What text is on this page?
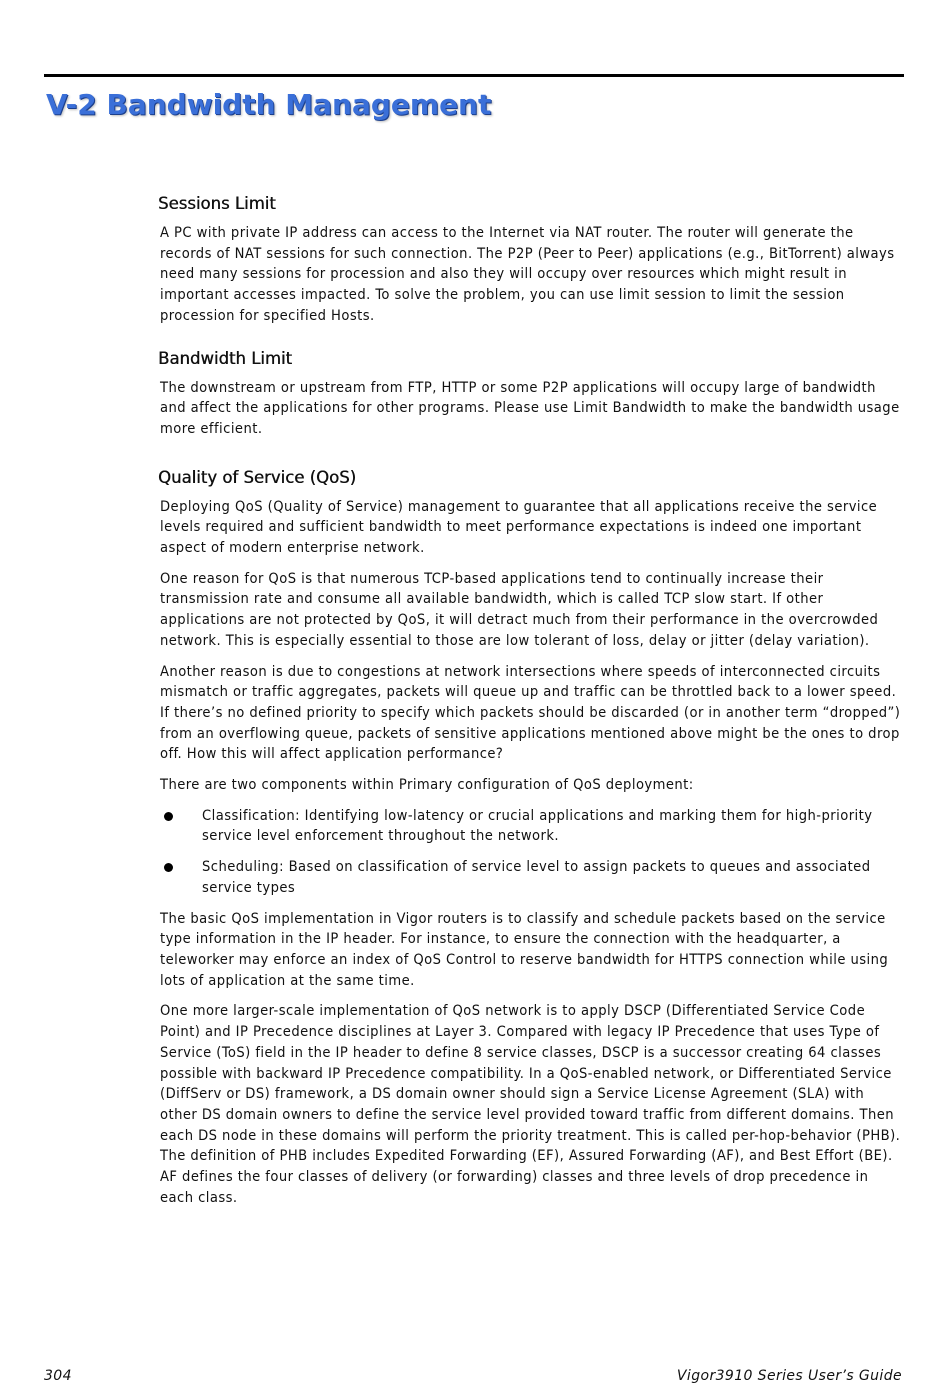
V-2 Bandwidth Management
Sessions Limit

A PC with private IP address can access to the Internet via NAT router. The router will generate the records of NAT sessions for such connection. The P2P (Peer to Peer) applications (e.g., BitTorrent) always need many sessions for procession and also they will occupy over resources which might result in important accesses impacted. To solve the problem, you can use limit session to limit the session procession for specified Hosts.

Bandwidth Limit

The downstream or upstream from FTP, HTTP or some P2P applications will occupy large of bandwidth and affect the applications for other programs. Please use Limit Bandwidth to make the bandwidth usage more efficient.

Quality of Service (QoS)

Deploying QoS (Quality of Service) management to guarantee that all applications receive the service levels required and sufficient bandwidth to meet performance expectations is indeed one important aspect of modern enterprise network.

One reason for QoS is that numerous TCP-based applications tend to continually increase their transmission rate and consume all available bandwidth, which is called TCP slow start. If other applications are not protected by QoS, it will detract much from their performance in the overcrowded network. This is especially essential to those are low tolerant of loss, delay or jitter (delay variation).

Another reason is due to congestions at network intersections where speeds of interconnected circuits mismatch or traffic aggregates, packets will queue up and traffic can be throttled back to a lower speed. If there’s no defined priority to specify which packets should be discarded (or in another term “dropped”) from an overflowing queue, packets of sensitive applications mentioned above might be the ones to drop off. How this will affect application performance?

There are two components within Primary configuration of QoS deployment:

Classification: Identifying low-latency or crucial applications and marking them for high-priority service level enforcement throughout the network.
Scheduling: Based on classification of service level to assign packets to queues and associated service types

The basic QoS implementation in Vigor routers is to classify and schedule packets based on the service type information in the IP header. For instance, to ensure the connection with the headquarter, a teleworker may enforce an index of QoS Control to reserve bandwidth for HTTPS connection while using lots of application at the same time.

One more larger-scale implementation of QoS network is to apply DSCP (Differentiated Service Code Point) and IP Precedence disciplines at Layer 3. Compared with legacy IP Precedence that uses Type of Service (ToS) field in the IP header to define 8 service classes, DSCP is a successor creating 64 classes possible with backward IP Precedence compatibility. In a QoS-enabled network, or Differentiated Service (DiffServ or DS) framework, a DS domain owner should sign a Service License Agreement (SLA) with other DS domain owners to define the service level provided toward traffic from different domains. Then each DS node in these domains will perform the priority treatment. This is called per-hop-behavior (PHB). The definition of PHB includes Expedited Forwarding (EF), Assured Forwarding (AF), and Best Effort (BE). AF defines the four classes of delivery (or forwarding) classes and three levels of drop precedence in each class.

304	Vigor3910 Series User’s Guide
